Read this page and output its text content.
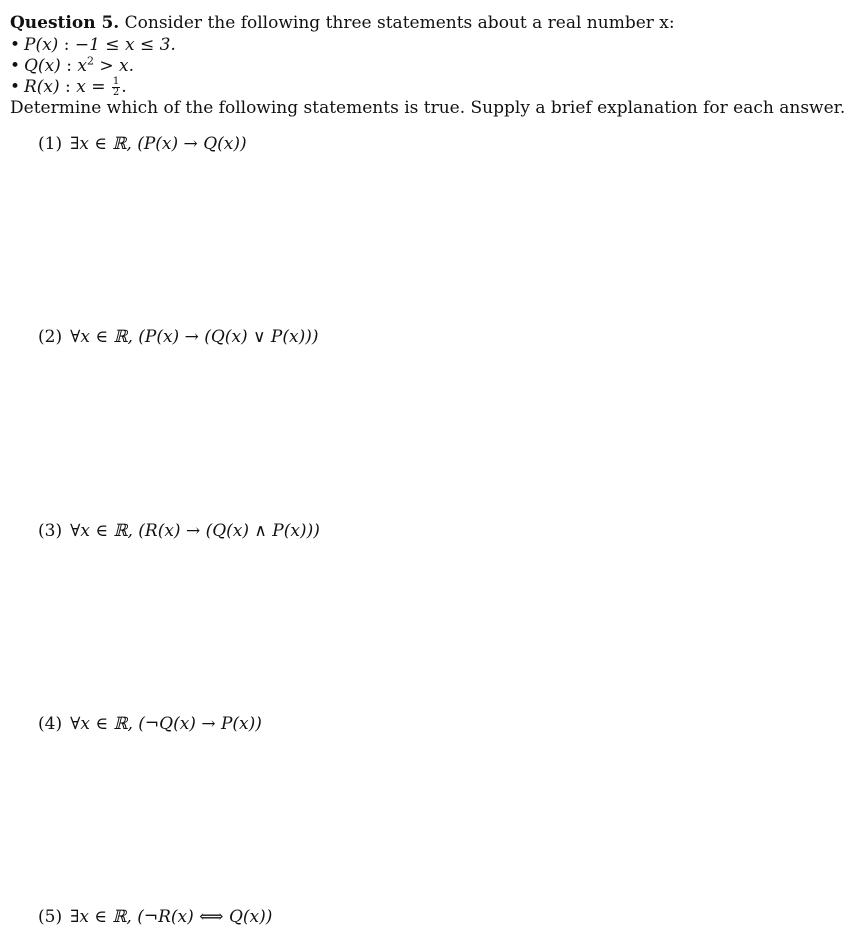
Question 5. Consider the following three statements about a real number x:
• P(x) : −1 ≤ x ≤ 3.
• Q(x) : $x^2 > x$.
• R(x) : $x = \frac{1}{2}$ .
Determine which of the following statements is true. Supply a brief explanation for each answer.
(1) ∃x ∈ ℝ, (P(x) → Q(x))
(2) ∀x ∈ ℝ, (P(x) → (Q(x) ∨ P(x)))
(3) ∀x ∈ ℝ, (R(x) → (Q(x) ∧ P(x)))
(4) ∀x ∈ ℝ, (¬Q(x) → P(x))
(5) ∃x ∈ ℝ, (¬R(x) ⟺ Q(x))
